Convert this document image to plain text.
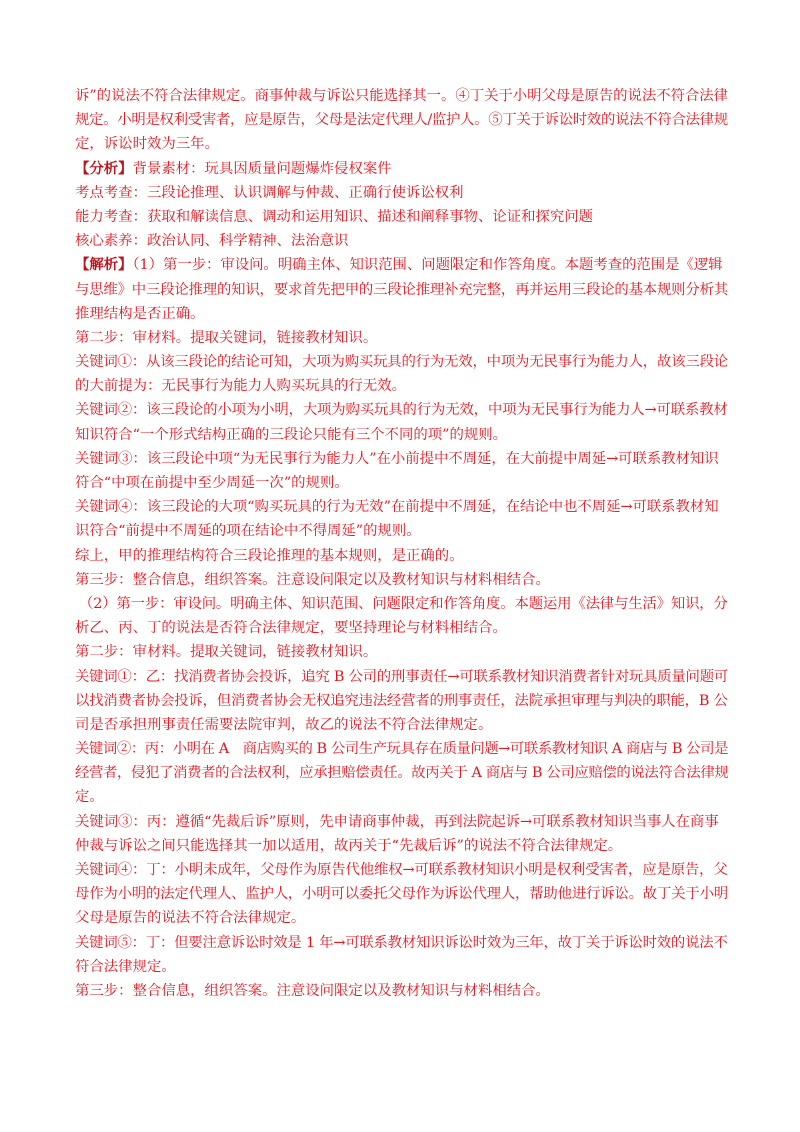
诉”的说法不符合法律规定。商事仲裁与诉讼只能选择其一。④丁关于小明父母是原告的说法不符合法律
规定。小明是权利受害者，应是原告，父母是法定代理人/监护人。⑤丁关于诉讼时效的说法不符合法律规
定，诉讼时效为三年。
【分析】背景素材：玩具因质量问题爆炸侵权案件
考点考查：三段论推理、认识调解与仲裁、正确行使诉讼权利
能力考查：获取和解读信息、调动和运用知识、描述和阐释事物、论证和探究问题
核心素养：政治认同、科学精神、法治意识
【解析】（1）第一步：审设问。明确主体、知识范围、问题限定和作答角度。本题考查的范围是《逻辑
与思维》中三段论推理的知识，要求首先把甲的三段论推理补充完整，再并运用三段论的基本规则分析其
推理结构是否正确。
第二步：审材料。提取关键词，链接教材知识。
关键词①：从该三段论的结论可知，大项为购买玩具的行为无效，中项为无民事行为能力人，故该三段论
的大前提为：无民事行为能力人购买玩具的行无效。
关键词②：该三段论的小项为小明，大项为购买玩具的行为无效，中项为无民事行为能力人→可联系教材
知识符合“一个形式结构正确的三段论只能有三个不同的项”的规则。
关键词③：该三段论中项“为无民事行为能力人”在小前提中不周延，在大前提中周延→可联系教材知识
符合“中项在前提中至少周延一次”的规则。
关键词④：该三段论的大项“购买玩具的行为无效”在前提中不周延，在结论中也不周延→可联系教材知
识符合“前提中不周延的项在结论中不得周延”的规则。
综上，甲的推理结构符合三段论推理的基本规则，是正确的。
第三步：整合信息，组织答案。注意设问限定以及教材知识与材料相结合。
（2）第一步：审设问。明确主体、知识范围、问题限定和作答角度。本题运用《法律与生活》知识，分
析乙、丙、丁的说法是否符合法律规定，要坚持理论与材料相结合。
第二步：审材料。提取关键词，链接教材知识。
关键词①：乙：找消费者协会投诉，追究 B 公司的刑事责任→可联系教材知识消费者针对玩具质量问题可
以找消费者协会投诉，但消费者协会无权追究违法经营者的刑事责任，法院承担审理与判决的职能，B 公
司是否承担刑事责任需要法院审判，故乙的说法不符合法律规定。
关键词②：丙：小明在 A　商店购买的 B 公司生产玩具存在质量问题→可联系教材知识 A 商店与 B 公司是
经营者，侵犯了消费者的合法权利，应承担赔偿责任。故丙关于 A 商店与 B 公司应赔偿的说法符合法律规
定。
关键词③：丙：遵循“先裁后诉”原则，先申请商事仲裁，再到法院起诉→可联系教材知识当事人在商事
仲裁与诉讼之间只能选择其一加以适用，故丙关于“先裁后诉”的说法不符合法律规定。
关键词④：丁：小明未成年，父母作为原告代他维权→可联系教材知识小明是权利受害者，应是原告，父
母作为小明的法定代理人、监护人，小明可以委托父母作为诉讼代理人，帮助他进行诉讼。故丁关于小明
父母是原告的说法不符合法律规定。
关键词⑤：丁：但要注意诉讼时效是 1 年→可联系教材知识诉讼时效为三年，故丁关于诉讼时效的说法不
符合法律规定。
第三步：整合信息，组织答案。注意设问限定以及教材知识与材料相结合。
